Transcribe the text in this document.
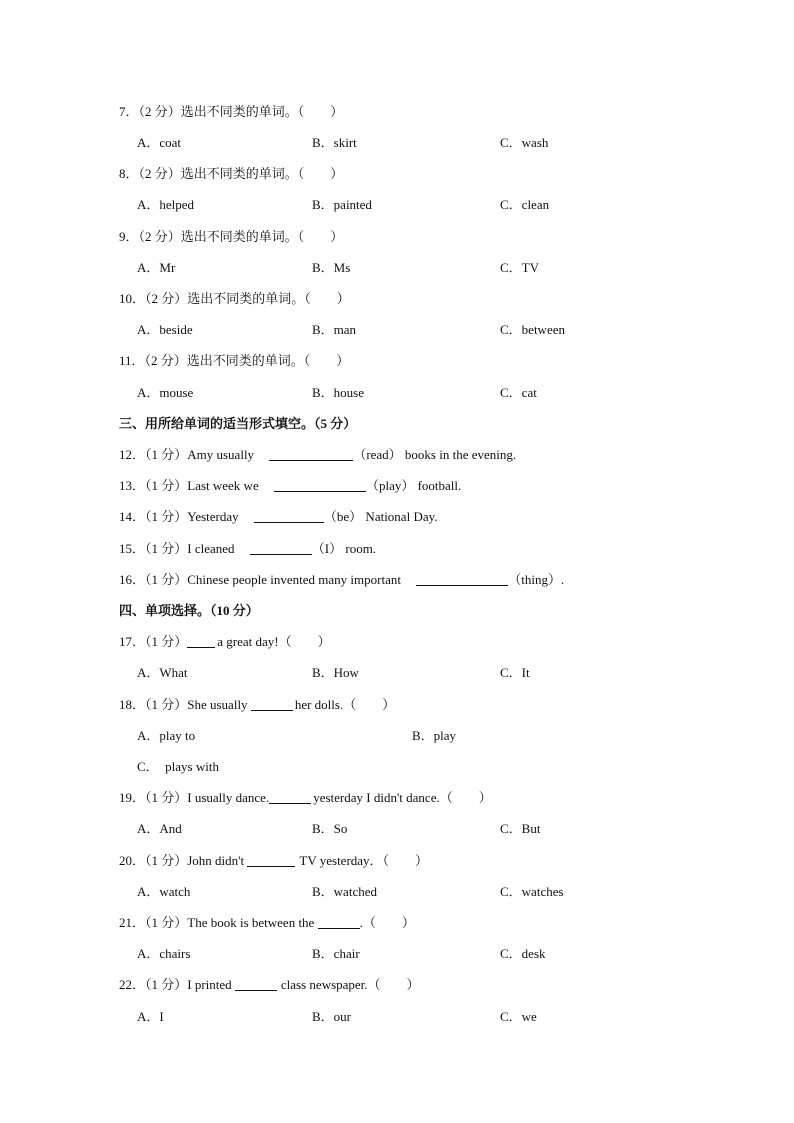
7．（2 分）选出不同类的单词。（　　）
A．coat	B．skirt	C．wash
8．（2 分）选出不同类的单词。（　　）
A．helped	B．painted	C．clean
9．（2 分）选出不同类的单词。（　　）
A．Mr	B．Ms	C．TV
10．（2 分）选出不同类的单词。（　　）
A．beside	B．man	C．between
11．（2 分）选出不同类的单词。（　　）
A．mouse	B．house	C．cat
三、用所给单词的适当形式填空。（5 分）
12．（1 分）Amy usually	（read） books in the evening.
13．（1 分）Last week we	（play） football.
14．（1 分）Yesterday	（be） National Day.
15．（1 分）I cleaned	（I） room.
16．（1 分）Chinese people invented many important	（thing）.
四、单项选择。（10 分）
17．（1 分） a great day!（　　）
A．What	B．How	C．It
18．（1 分）She usually	her dolls.（　　）
A．play to	B．play
C．  plays with
19．（1 分）I usually dance.	yesterday I didn't dance.（　　）
A．And	B．So	C．But
20．（1 分）John didn't	TV yesterday．（　　）
A．watch	B．watched	C．watches
21．（1 分）The book is between the	.（　　）
A．chairs	B．chair	C．desk
22．（1 分）I printed	class newspaper.（　　）
A．I	B．our	C．we
